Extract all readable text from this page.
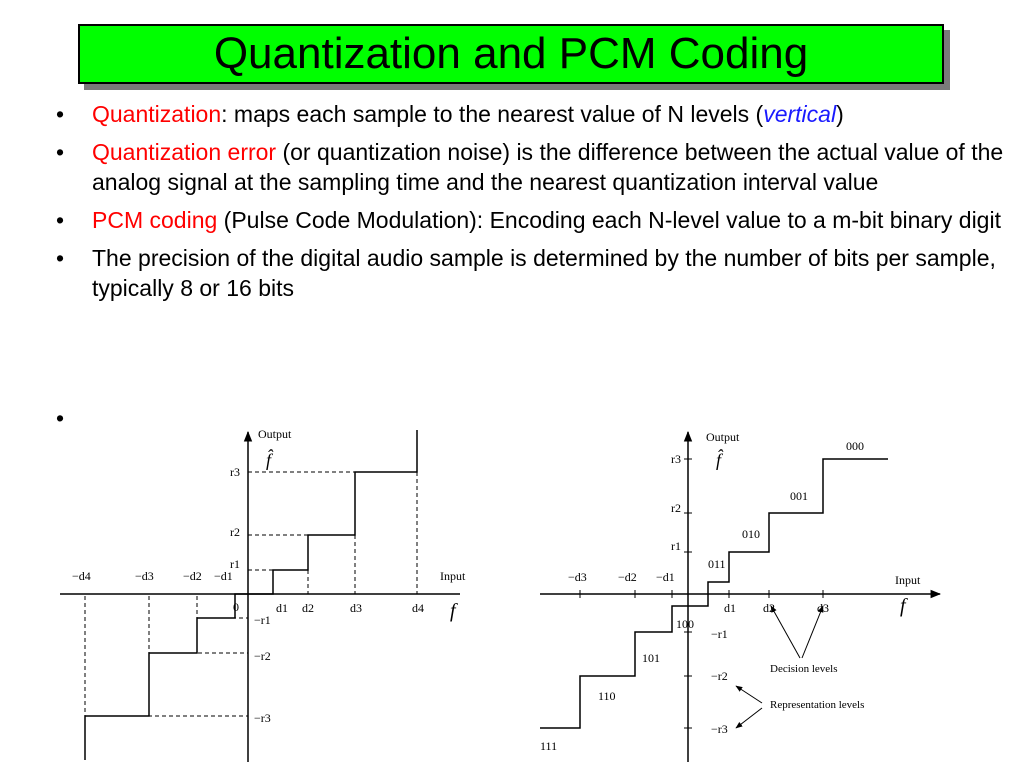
Quantization and PCM Coding
• Quantization: maps each sample to the nearest value of N levels (vertical)
• Quantization error (or quantization noise) is the difference between the actual value of the analog signal at the sampling time and the nearest quantization interval value
• PCM coding (Pulse Code Modulation): Encoding each N-level value to a m-bit binary digit
• The precision of the digital audio sample is determined by the number of bits per sample, typically 8 or 16 bits
•
Output
f̂
Input
f
0
−d4	−d3 −d2 −d1
d1 d2	d3	d4
r3
r2
r1
−r1
−r2
−r3
Output
f̂
Input
f
−d3	−d2 −d1
d1 d2	d3
r3
r2
r1
−r1
−r2
−r3
000
001
010
011
100
101
110
111
Decision levels
Representation levels
